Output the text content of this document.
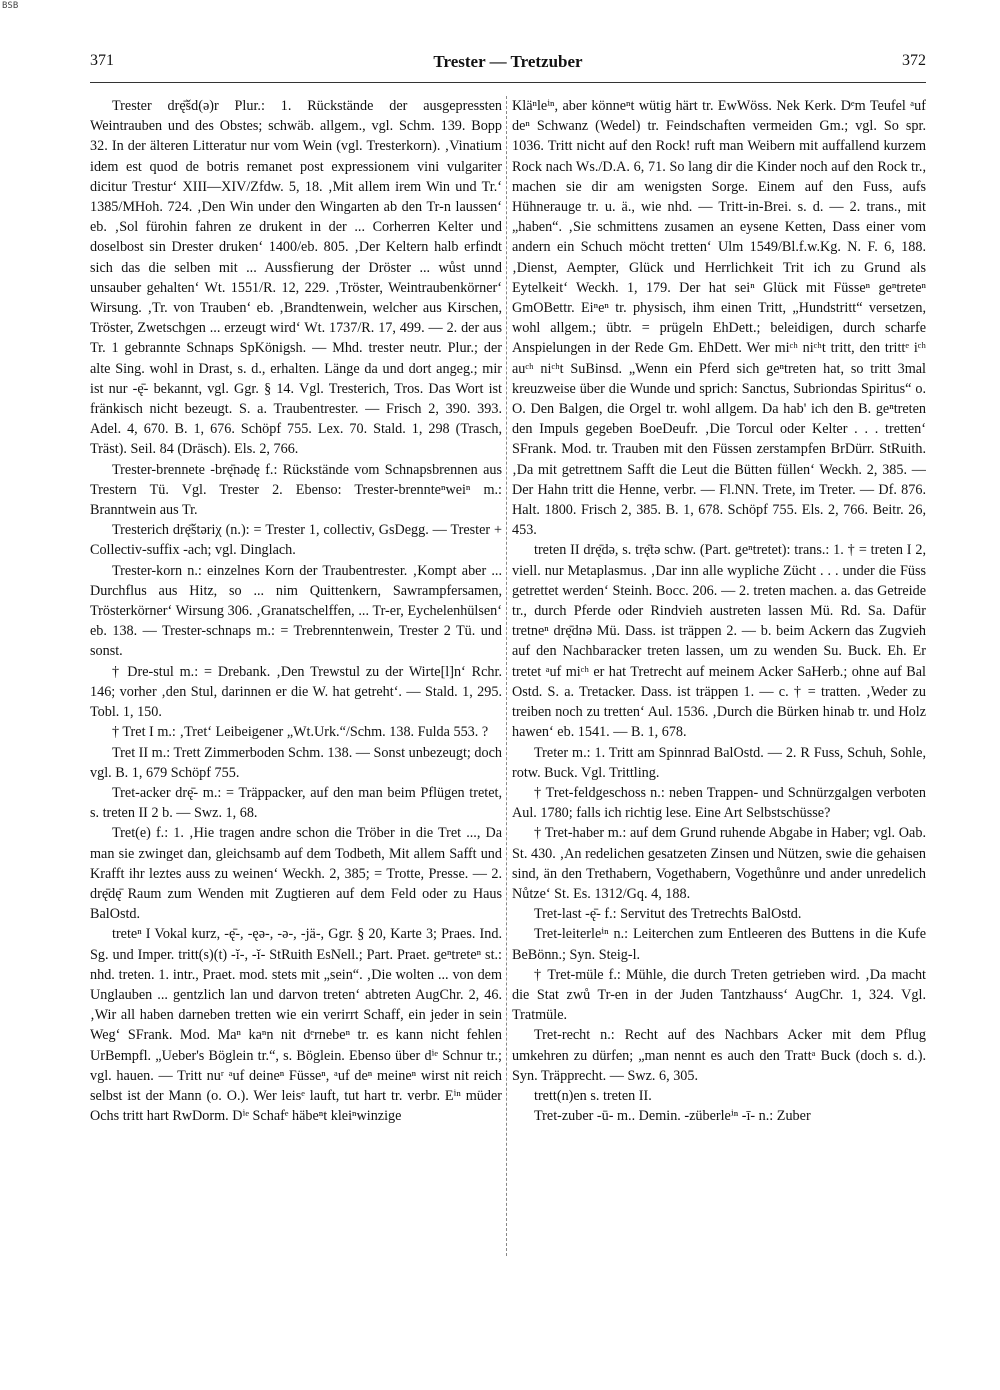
BSB
371	Trester — Tretzuber	372

Trester drę̄šd(ə)r Plur.: 1. Rückstände der ausgepressten Weintrauben und des Obstes; schwäb. allgem., vgl. Schm. 139. Bopp 32. In der älteren Litteratur nur vom Wein (vgl. Tresterkorn). ‚Vinatium idem est quod de botris remanet post expressionem vini vulgariter dicitur Trestur‘ XIII—XIV/Zfdw. 5, 18. ‚Mit allem irem Win und Tr.‘ 1385/MHoh. 724. ‚Den Win under den Wingarten ab den Tr-n laussen‘ eb. ‚Sol fürohin fahren ze drukent in der ... Corherren Kelter und doselbost sin Drester druken‘ 1400/eb. 805. ‚Der Keltern halb erfindt sich das die selben mit ... Aussfierung der Dröster ... wůst unnd unsauber gehalten‘ Wt. 1551/R. 12, 229. ‚Tröster, Weintraubenkörner‘ Wirsung. ‚Tr. von Trauben‘ eb. ‚Brandtenwein, welcher aus Kirschen, Tröster, Zwetschgen ... erzeugt wird‘ Wt. 1737/R. 17, 499. — 2. der aus Tr. 1 gebrannte Schnaps SpKönigsh. — Mhd. trester neutr. Plur.; der alte Sing. wohl in Drast, s. d., erhalten. Länge da und dort angeg.; mir ist nur -ę̄- bekannt, vgl. Ggr. § 14. Vgl. Tresterich, Tros. Das Wort ist fränkisch nicht bezeugt. S. a. Traubentrester. — Frisch 2, 390. 393. Adel. 4, 670. B. 1, 676. Schöpf 755. Lex. 70. Stald. 1, 298 (Trasch, Träst). Seil. 84 (Dräsch). Els. 2, 766.

Trester-brennete -brę̄nədę f.: Rückstände vom Schnapsbrennen aus Trestern Tü. Vgl. Trester 2. Ebenso: Trester-brennteⁿweiⁿ m.: Branntwein aus Tr.

Tresterich drę̄štəriχ (n.): = Trester 1, collectiv, GsDegg. — Trester + Collectiv-suffix -ach; vgl. Dinglach.

Trester-korn n.: einzelnes Korn der Traubentrester. ‚Kompt aber ... Durchflus aus Hitz, so ... nim Quittenkern, Sawrampfersamen, Trösterkörner‘ Wirsung 306. ‚Granatschelffen, ... Tr-er, Eychelenhülsen‘ eb. 138. — Trester-schnaps m.: = Trebrenntenwein, Trester 2 Tü. und sonst.

† Dre-stul m.: = Drebank. ‚Den Trewstul zu der Wirte[l]n‘ Rchr. 146; vorher ‚den Stul, darinnen er die W. hat getreht‘. — Stald. 1, 295. Tobl. 1, 150.

† Tret I m.: ‚Tret‘ Leibeigener „Wt.Urk.“/Schm. 138. Fulda 553. ?

Tret II m.: Trett Zimmerboden Schm. 138. — Sonst unbezeugt; doch vgl. B. 1, 679 Schöpf 755.

Tret-acker drę̄- m.: = Träppacker, auf den man beim Pflügen tretet, s. treten II 2 b. — Swz. 1, 68.

Tret(e) f.: 1. ‚Hie tragen andre schon die Tröber in die Tret ..., Da man sie zwinget dan, gleichsamb auf dem Todbeth, Mit allem Safft und Krafft ihr leztes auss zu weinen‘ Weckh. 2, 385; = Trotte, Presse. — 2. drę̄dę̄ Raum zum Wenden mit Zugtieren auf dem Feld oder zu Haus BalOstd.

treteⁿ I Vokal kurz, -ę̄-, -ęə-, -ə-, -jä-, Ggr. § 20, Karte 3; Praes. Ind. Sg. und Imper. tritt(s)(t) -ĭ-, -ĭ- StRuith EsNell.; Part. Praet. geⁿtreteⁿ st.: nhd. treten. 1. intr., Praet. mod. stets mit „sein“. ‚Die wolten ... von dem Unglauben ... gentzlich lan und darvon treten‘ abtreten AugChr. 2, 46. ‚Wir all haben darneben tretten wie ein verirrt Schaff, ein jeder in sein Weg‘ SFrank. Mod. Maⁿ kaⁿn nit dᵉrnebeⁿ tr. es kann nicht fehlen UrBempfl. „Ueber's Böglein tr.“, s. Böglein. Ebenso über dⁱᵉ Schnur tr.; vgl. hauen. — Tritt nuʳ ᵃuf deineⁿ Füsseⁿ, ᵃuf deⁿ meineⁿ wirst nit reich selbst ist der Mann (o. O.). Wer leisᵉ lauft, tut hart tr. verbr. Eⁱⁿ müder Ochs tritt hart RwDorm. Dⁱᵉ Schafᵉ häbeⁿt kleiⁿwinzige

Kläⁿleⁱⁿ, aber könneⁿt wütig härt tr. EwWöss. Nek Kerk. Dᵉm Teufel ᵃuf deⁿ Schwanz (Wedel) tr. Feindschaften vermeiden Gm.; vgl. So spr. 1036. Tritt nicht auf den Rock! ruft man Weibern mit auffallend kurzem Rock nach Ws./D.A. 6, 71. So lang dir die Kinder noch auf den Rock tr., machen sie dir am wenigsten Sorge. Einem auf den Fuss, aufs Hühnerauge tr. u. ä., wie nhd. — Tritt-in-Brei. s. d. — 2. trans., mit „haben“. ‚Sie schmittens zusamen an eysene Ketten, Dass einer vom andern ein Schuch möcht tretten‘ Ulm 1549/Bl.f.w.Kg. N. F. 6, 188. ‚Dienst, Aempter, Glück und Herrlichkeit Trit ich zu Grund als Eytelkeit‘ Weckh. 1, 179. Der hat seiⁿ Glück mit Füsseⁿ geⁿtreteⁿ GmOBettr. Eiⁿeⁿ tr. physisch, ihm einen Tritt, „Hundstritt“ versetzen, wohl allgem.; übtr. = prügeln EhDett.; beleidigen, durch scharfe Anspielungen in der Rede Gm. EhDett. Wer miᶜʰ niᶜʰt tritt, den trittᵉ iᶜʰ auᶜʰ niᶜʰt SuBinsd. „Wenn ein Pferd sich geⁿtreten hat, so tritt 3mal kreuzweise über die Wunde und sprich: Sanctus, Subriondas Spiritus“ o. O. Den Balgen, die Orgel tr. wohl allgem. Da hab' ich den B. geⁿtreten den Impuls gegeben BoeDeufr. ‚Die Torcul oder Kelter . . . tretten‘ SFrank. Mod. tr. Trauben mit den Füssen zerstampfen BrDürr. StRuith. ‚Da mit getrettnem Safft die Leut die Bütten füllen‘ Weckh. 2, 385. — Der Hahn tritt die Henne, verbr. — Fl.NN. Trete, im Treter. — Df. 876. Halt. 1800. Frisch 2, 385. B. 1, 678. Schöpf 755. Els. 2, 766. Beitr. 26, 453.

treten II drę̄də, s. trę̄tə schw. (Part. geⁿtretet): trans.: 1. † = treten I 2, viell. nur Metaplasmus. ‚Dar inn alle wypliche Zücht . . . under die Füss getrettet werden‘ Steinh. Bocc. 206. — 2. treten machen. a. das Getreide tr., durch Pferde oder Rindvieh austreten lassen Mü. Rd. Sa. Dafür tretneⁿ drę̄dnə Mü. Dass. ist träppen 2. — b. beim Ackern das Zugvieh auf den Nachbaracker treten lassen, um zu wenden Su. Buck. Eh. Er tretet ᵃuf miᶜʰ er hat Tretrecht auf meinem Acker SaHerb.; ohne auf Bal Ostd. S. a. Tretacker. Dass. ist träppen 1. — c. † = tratten. ‚Weder zu treiben noch zu tretten‘ Aul. 1536. ‚Durch die Bürken hinab tr. und Holz hawen‘ eb. 1541. — B. 1, 678.

Treter m.: 1. Tritt am Spinnrad BalOstd. — 2. R Fuss, Schuh, Sohle, rotw. Buck. Vgl. Trittling.

† Tret-feldgeschoss n.: neben Trappen- und Schnürzgalgen verboten Aul. 1780; falls ich richtig lese. Eine Art Selbstschüsse?

† Tret-haber m.: auf dem Grund ruhende Abgabe in Haber; vgl. Oab. St. 430. ‚An redelichen gesatzeten Zinsen und Nützen, swie die gehaisen sind, än den Trethabern, Vogethabern, Vogethůnre und ander unredelich Nůtze‘ St. Es. 1312/Gq. 4, 188.

Tret-last -ę̄- f.: Servitut des Tretrechts BalOstd.

Tret-leiterleⁱⁿ n.: Leiterchen zum Entleeren des Buttens in die Kufe BeBönn.; Syn. Steig-l.

† Tret-müle f.: Mühle, die durch Treten getrieben wird. ‚Da macht die Stat zwů Tr-en in der Juden Tantzhauss‘ AugChr. 1, 324. Vgl. Tratmüle.

Tret-recht n.: Recht auf des Nachbars Acker mit dem Pflug umkehren zu dürfen; „man nennt es auch den Trattᵃ Buck (doch s. d.). Syn. Träpprecht. — Swz. 6, 305.

trett(n)en s. treten II.

Tret-zuber -ū- m.. Demin. -züberleⁱⁿ -ī- n.: Zuber
